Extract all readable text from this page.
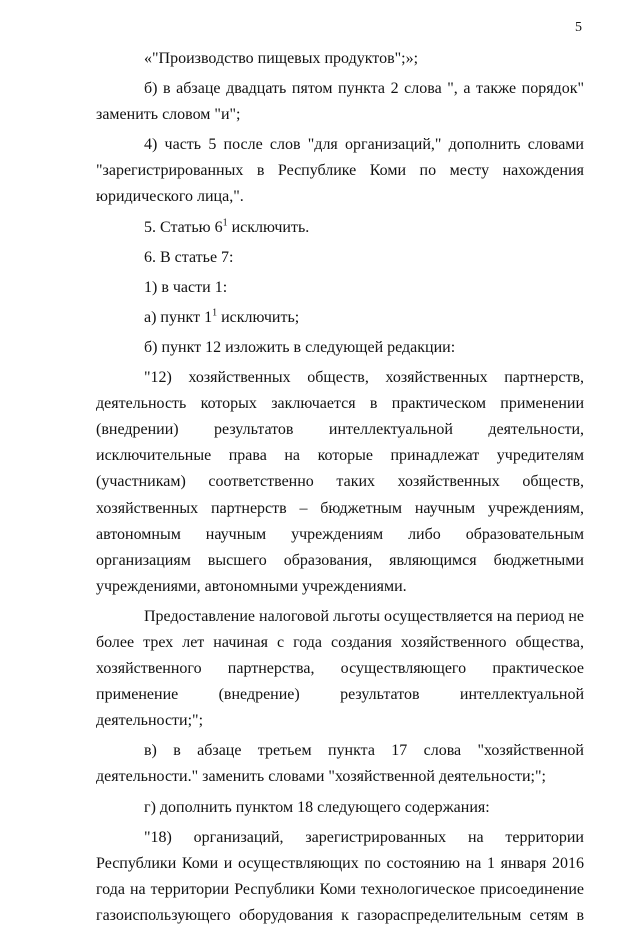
5

«"Производство пищевых продуктов";»;

б) в абзаце двадцать пятом пункта 2 слова ", а также порядок" заменить словом "и";

4) часть 5 после слов "для организаций," дополнить словами "зарегистрированных в Республике Коми по месту нахождения юридического лица,".

5. Статью $6^1$ исключить.

6. В статье 7:

1) в части 1:

а) пункт $1^1$ исключить;

б) пункт 12 изложить в следующей редакции:

"12) хозяйственных обществ, хозяйственных партнерств, деятельность которых заключается в практическом применении (внедрении) результатов интеллектуальной деятельности, исключительные права на которые принадлежат учредителям (участникам) соответственно таких хозяйственных обществ, хозяйственных партнерств – бюджетным научным учреждениям, автономным научным учреждениям либо образовательным организациям высшего образования, являющимся бюджетными учреждениями, автономными учреждениями.

Предоставление налоговой льготы осуществляется на период не более трех лет начиная с года создания хозяйственного общества, хозяйственного партнерства, осуществляющего практическое применение (внедрение) результатов интеллектуальной деятельности;";

в) в абзаце третьем пункта 17 слова "хозяйственной деятельности." заменить словами "хозяйственной деятельности;";

г) дополнить пунктом 18 следующего содержания:

"18) организаций, зарегистрированных на территории Республики Коми и осуществляющих по состоянию на 1 января 2016 года на территории Республики Коми технологическое присоединение газоиспользующего оборудования к газораспределительным сетям в
